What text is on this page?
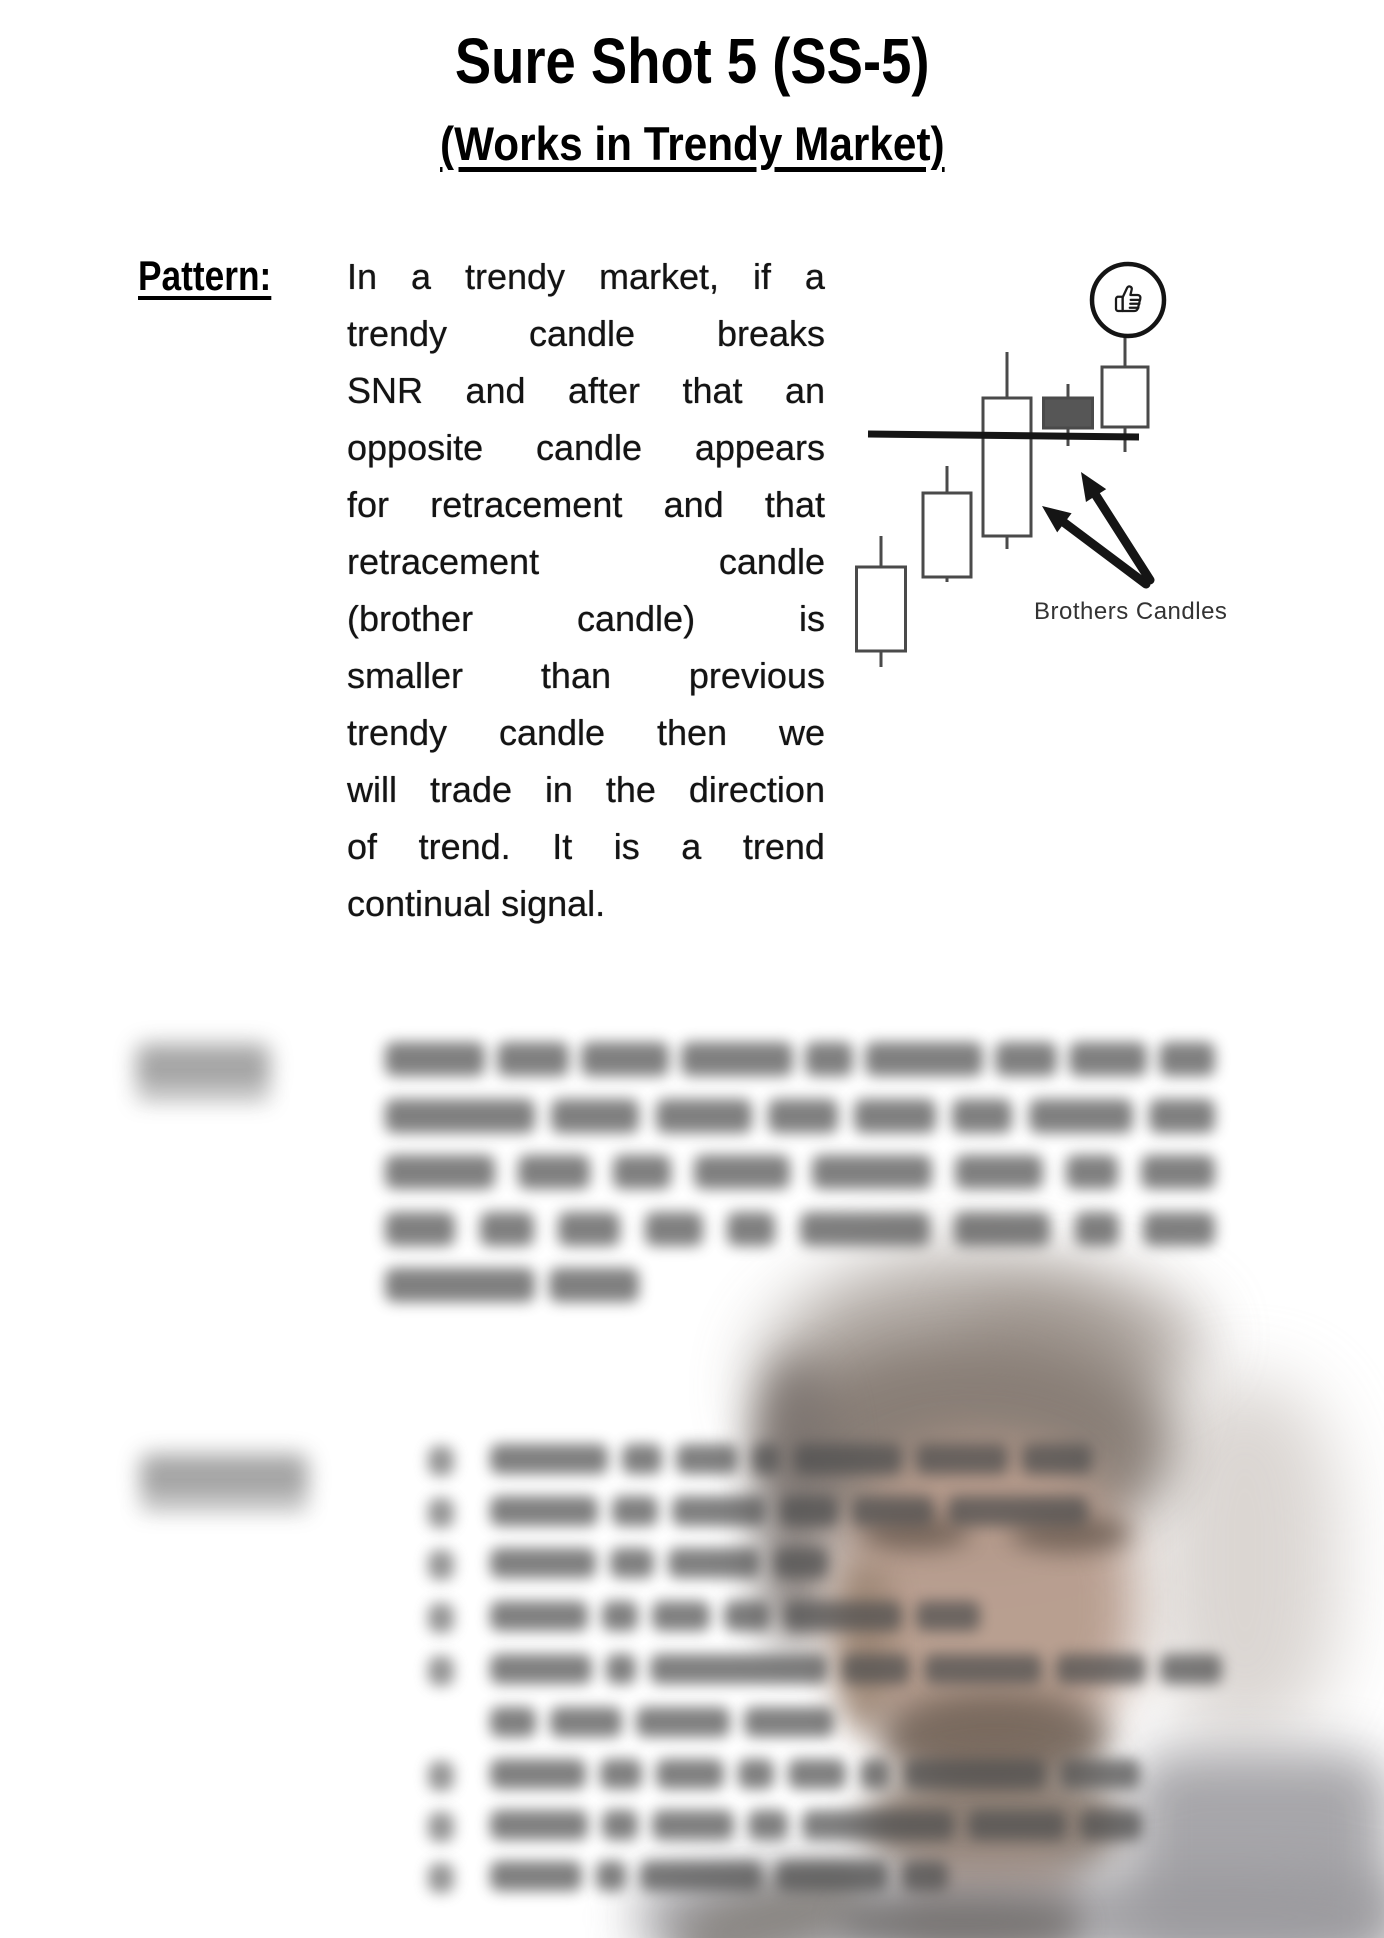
Sure Shot 5 (SS-5)
(Works in Trendy Market)
Pattern: In a trendy market, if a
trendy candle breaks
SNR and after that an
opposite candle appears
for retracement and that
retracement	candle
(brother	candle)	is
smaller than previous
trendy candle then we
will trade in the direction
of trend. It is a trend
continual signal.
Brothers Candles
